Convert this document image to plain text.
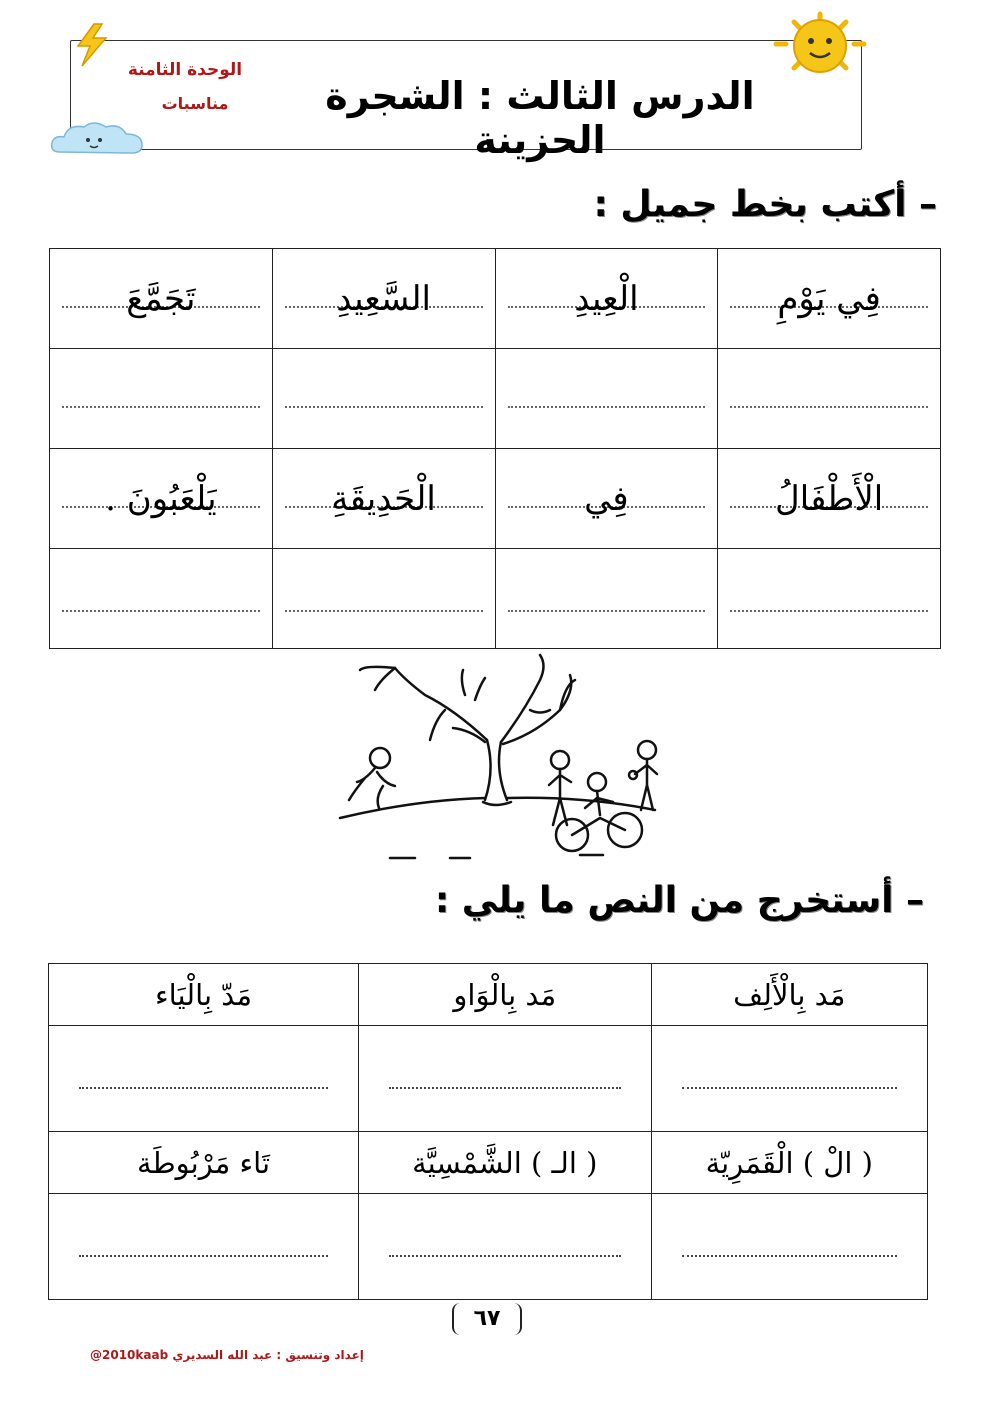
الوحدة الثامنة
مناسبات	الدرس الثالث : الشجرة الحزينة
– أكتب بخط جميل :
فِي يَوْمِ	الْعِيدِ	السَّعِيدِ	تَجَمَّعَ

الْأَطْفَالُ	فِي	الْحَدِيقَةِ	يَلْعَبُونَ .

– أستخرج من النص ما يلي :
مَد بِالْأَلِف	مَد بِالْوَاو	مَدّ بِالْيَاء

( الْ ) الْقَمَرِيّة	( الـ ) الشَّمْسِيَّة	تَاء مَرْبُوطَة

٦٧
إعداد وتنسيق : عبد الله السديري 2010kaab@
